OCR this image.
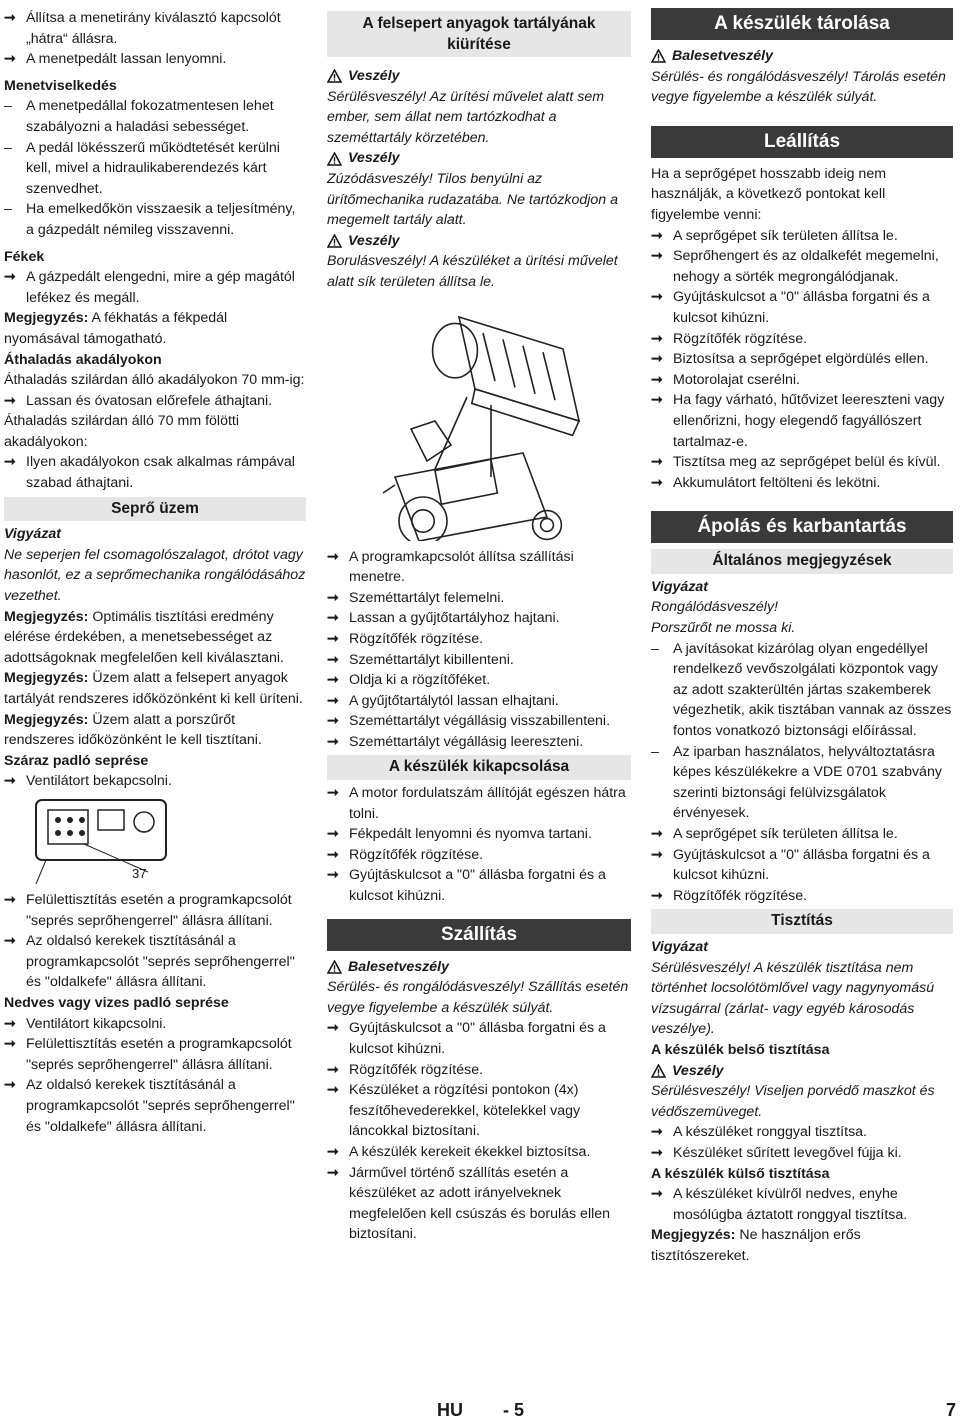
➞ Állítsa a menetirány kiválasztó kapcsolót „hátra“ állásra.

➞ A menetpedált lassan lenyomni.

Menetviselkedés

– A menetpedállal fokozatmentesen lehet szabályozni a haladási sebességet.

– A pedál lökésszerű működtetését kerülni kell, mivel a hidraulikaberendezés kárt szenvedhet.

– Ha emelkedőkön visszaesik a teljesítmény, a gázpedált némileg visszavenni.

Fékek

➞ A gázpedált elengedni, mire a gép magától lefékez és megáll.

Megjegyzés: A fékhatás a fékpedál nyomásával támogatható.

Áthaladás akadályokon

Áthaladás szilárdan álló akadályokon 70 mm-ig:

➞ Lassan és óvatosan előrefele áthajtani.

Áthaladás szilárdan álló 70 mm fölötti akadályokon:

➞ Ilyen akadályokon csak alkalmas rámpával szabad áthajtani.

Seprő üzem

Vigyázat

Ne seperjen fel csomagolószalagot, drótot vagy hasonlót, ez a seprőmechanika rongálódásához vezethet.

Megjegyzés: Optimális tisztítási eredmény elérése érdekében, a menetsebességet az adottságoknak megfelelően kell kiválasztani.

Megjegyzés: Üzem alatt a felsepert anyagok tartályát rendszeres időközönként ki kell üríteni.

Megjegyzés: Üzem alatt a porszűrőt rendszeres időközönként le kell tisztítani.

Száraz padló seprése

➞ Ventilátort bekapcsolni.

37

➞ Felülettisztítás esetén a programkapcsolót "seprés seprőhengerrel" állásra állítani.

➞ Az oldalsó kerekek tisztításánál a programkapcsolót "seprés seprőhengerrel" és "oldalkefe" állásra állítani.

Nedves vagy vizes padló seprése

➞ Ventilátort kikapcsolni.

➞ Felülettisztítás esetén a programkapcsolót "seprés seprőhengerrel" állásra állítani.

➞ Az oldalsó kerekek tisztításánál a programkapcsolót "seprés seprőhengerrel" és "oldalkefe" állásra állítani.

A felsepert anyagok tartályának kiürítése
Veszély

Sérülésveszély! Az ürítési művelet alatt sem ember, sem állat nem tartózkodhat a szeméttartály körzetében.

Veszély

Zúzódásveszély! Tilos benyúlni az ürítőmechanika rudazatába. Ne tartózkodjon a megemelt tartály alatt.

Veszély

Borulásveszély! A készüléket a ürítési művelet alatt sík területen állítsa le.

➞ A programkapcsolót állítsa szállítási menetre.

➞ Szeméttartályt felemelni.

➞ Lassan a gyűjtőtartályhoz hajtani.

➞ Rögzítőfék rögzítése.

➞ Szeméttartályt kibillenteni.

➞ Oldja ki a rögzítőféket.

➞ A gyűjtőtartálytól lassan elhajtani.

➞ Szeméttartályt végállásig visszabillenteni.

➞ Szeméttartályt végállásig leereszteni.

A készülék kikapcsolása

➞ A motor fordulatszám állítóját egészen hátra tolni.

➞ Fékpedált lenyomni és nyomva tartani.

➞ Rögzítőfék rögzítése.

➞ Gyújtáskulcsot a "0" állásba forgatni és a kulcsot kihúzni.

Szállítás
Balesetveszély

Sérülés- és rongálódásveszély! Szállítás esetén vegye figyelembe a készülék súlyát.

➞ Gyújtáskulcsot a "0" állásba forgatni és a kulcsot kihúzni.

➞ Rögzítőfék rögzítése.

➞ Készüléket a rögzítési pontokon (4x) feszítőhevederekkel, kötelekkel vagy láncokkal biztosítani.

➞ A készülék kerekeit ékekkel biztosítsa.

➞ Járművel történő szállítás esetén a készüléket az adott irányelveknek megfelelően kell csúszás és borulás ellen biztosítani.

A készülék tárolása
Balesetveszély

Sérülés- és rongálódásveszély! Tárolás esetén vegye figyelembe a készülék súlyát.

Leállítás

Ha a seprőgépet hosszabb ideig nem használják, a következő pontokat kell figyelembe venni:

➞ A seprőgépet sík területen állítsa le.

➞ Seprőhengert és az oldalkefét megemelni, nehogy a sörték megrongálódjanak.

➞ Gyújtáskulcsot a "0" állásba forgatni és a kulcsot kihúzni.

➞ Rögzítőfék rögzítése.

➞ Biztosítsa a seprőgépet elgördülés ellen.

➞ Motorolajat cserélni.

➞ Ha fagy várható, hűtővizet leereszteni vagy ellenőrizni, hogy elegendő fagyállószert tartalmaz-e.

➞ Tisztítsa meg az seprőgépet belül és kívül.

➞ Akkumulátort feltölteni és lekötni.

Ápolás és karbantartás
Általános megjegyzések

Vigyázat

Rongálódásveszély!

Porszűrőt ne mossa ki.

– A javításokat kizárólag olyan engedéllyel rendelkező vevőszolgálati központok vagy az adott szakterültén jártas szakemberek végezhetik, akik tisztában vannak az összes fontos vonatkozó biztonsági előírással.

– Az iparban használatos, helyváltoztatásra képes készülékekre a VDE 0701 szabvány szerinti biztonsági felülvizsgálatok érvényesek.

➞ A seprőgépet sík területen állítsa le.

➞ Gyújtáskulcsot a "0" állásba forgatni és a kulcsot kihúzni.

➞ Rögzítőfék rögzítése.

Tisztítás

Vigyázat

Sérülésveszély! A készülék tisztítása nem történhet locsolótömlővel vagy nagynyomású vízsugárral (zárlat- vagy egyéb károsodás veszélye).

A készülék belső tisztítása

Veszély

Sérülésveszély! Viseljen porvédő maszkot és védőszemüveget.

➞ A készüléket ronggyal tisztítsa.

➞ Készüléket sűrített levegővel fújja ki.

A készülék külső tisztítása

➞ A készüléket kívülről nedves, enyhe mosólúgba áztatott ronggyal tisztítsa.

Megjegyzés: Ne használjon erős tisztítószereket.

HU - 5	7
